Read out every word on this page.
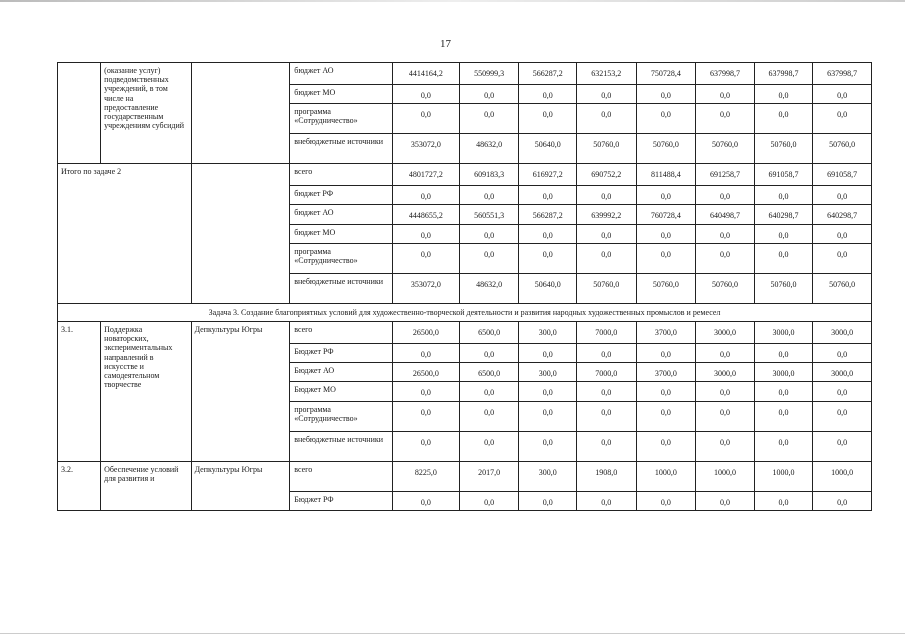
17
	(оказание услуг) подведомственных учреждений, в том числе на предоставление государственным учреждениям субсидий		бюджет АО	4414164,2	550999,3	566287,2	632153,2	750728,4	637998,7	637998,7	637998,7
			бюджет МО	0,0	0,0	0,0	0,0	0,0	0,0	0,0	0,0
			программа «Сотрудничество»	0,0	0,0	0,0	0,0	0,0	0,0	0,0	0,0
			внебюджетные источники	353072,0	48632,0	50640,0	50760,0	50760,0	50760,0	50760,0	50760,0
Итого по задаче 2			всего	4801727,2	609183,3	616927,2	690752,2	811488,4	691258,7	691058,7	691058,7
			бюджет РФ	0,0	0,0	0,0	0,0	0,0	0,0	0,0	0,0
			бюджет АО	4448655,2	560551,3	566287,2	639992,2	760728,4	640498,7	640298,7	640298,7
			бюджет МО	0,0	0,0	0,0	0,0	0,0	0,0	0,0	0,0
			программа «Сотрудничество»	0,0	0,0	0,0	0,0	0,0	0,0	0,0	0,0
			внебюджетные источники	353072,0	48632,0	50640,0	50760,0	50760,0	50760,0	50760,0	50760,0
Задача 3. Создание благоприятных условий для художественно-творческой деятельности и развития народных художественных промыслов и ремесел											
3.1.	Поддержка новаторских, экспериментальных направлений в искусстве и самодеятельном творчестве	Депкультуры Югры	всего	26500,0	6500,0	300,0	7000,0	3700,0	3000,0	3000,0	3000,0
			Бюджет РФ	0,0	0,0	0,0	0,0	0,0	0,0	0,0	0,0
			Бюджет АО	26500,0	6500,0	300,0	7000,0	3700,0	3000,0	3000,0	3000,0
			Бюджет МО	0,0	0,0	0,0	0,0	0,0	0,0	0,0	0,0
			программа «Сотрудничество»	0,0	0,0	0,0	0,0	0,0	0,0	0,0	0,0
			внебюджетные источники	0,0	0,0	0,0	0,0	0,0	0,0	0,0	0,0
3.2.	Обеспечение условий для развития и	Депкультуры Югры	всего	8225,0	2017,0	300,0	1908,0	1000,0	1000,0	1000,0	1000,0
			Бюджет РФ	0,0	0,0	0,0	0,0	0,0	0,0	0,0	0,0
